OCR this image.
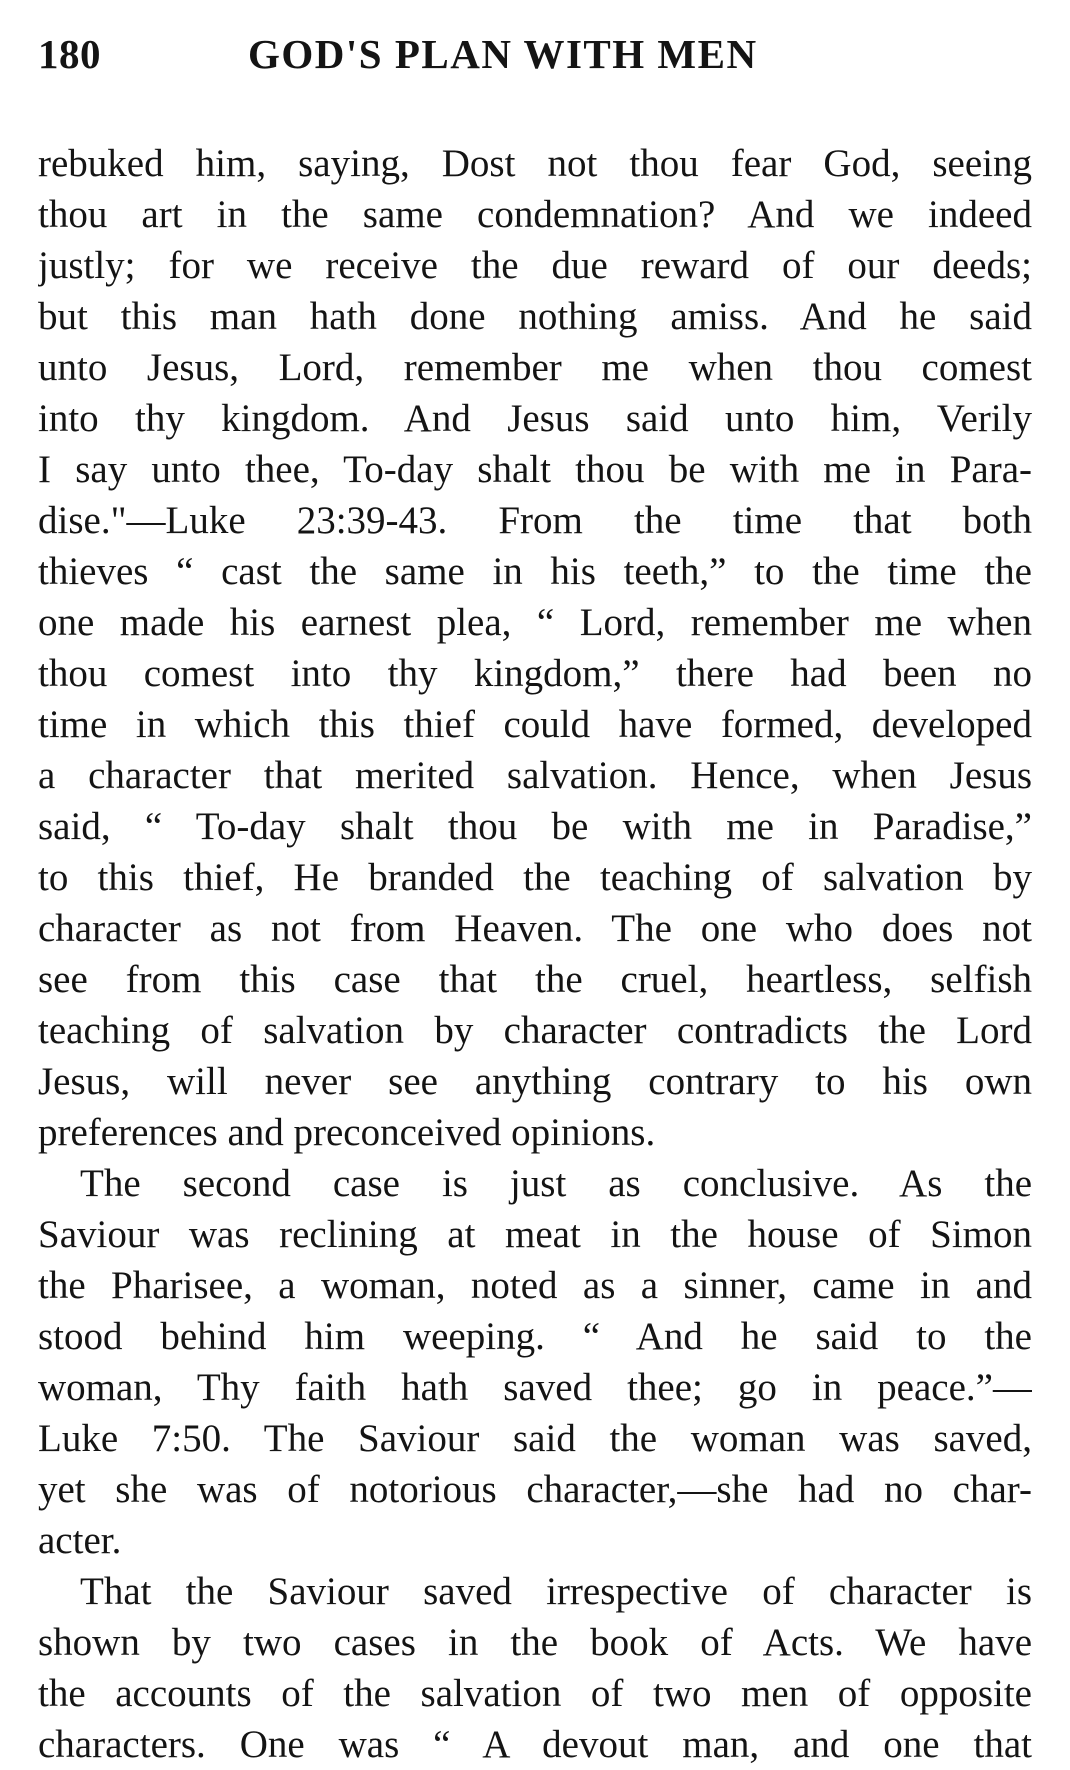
180	GOD'S PLAN WITH MEN
rebuked him, saying, Dost not thou fear God, seeing
thou art in the same condemnation? And we indeed
justly; for we receive the due reward of our deeds;
but this man hath done nothing amiss. And he said
unto Jesus, Lord, remember me when thou comest
into thy kingdom. And Jesus said unto him, Verily
I say unto thee, To-day shalt thou be with me in Para-
dise."—Luke 23:39-43. From the time that both
thieves “ cast the same in his teeth,” to the time the
one made his earnest plea, “ Lord, remember me when
thou comest into thy kingdom,” there had been no
time in which this thief could have formed, developed
a character that merited salvation. Hence, when Jesus
said, “ To-day shalt thou be with me in Paradise,”
to this thief, He branded the teaching of salvation by
character as not from Heaven. The one who does not
see from this case that the cruel, heartless, selfish
teaching of salvation by character contradicts the Lord
Jesus, will never see anything contrary to his own
preferences and preconceived opinions.
The second case is just as conclusive. As the
Saviour was reclining at meat in the house of Simon
the Pharisee, a woman, noted as a sinner, came in and
stood behind him weeping. “ And he said to the
woman, Thy faith hath saved thee; go in peace.”—
Luke 7:50. The Saviour said the woman was saved,
yet she was of notorious character,—she had no char-
acter.
That the Saviour saved irrespective of character is
shown by two cases in the book of Acts. We have
the accounts of the salvation of two men of opposite
characters. One was “ A devout man, and one that
